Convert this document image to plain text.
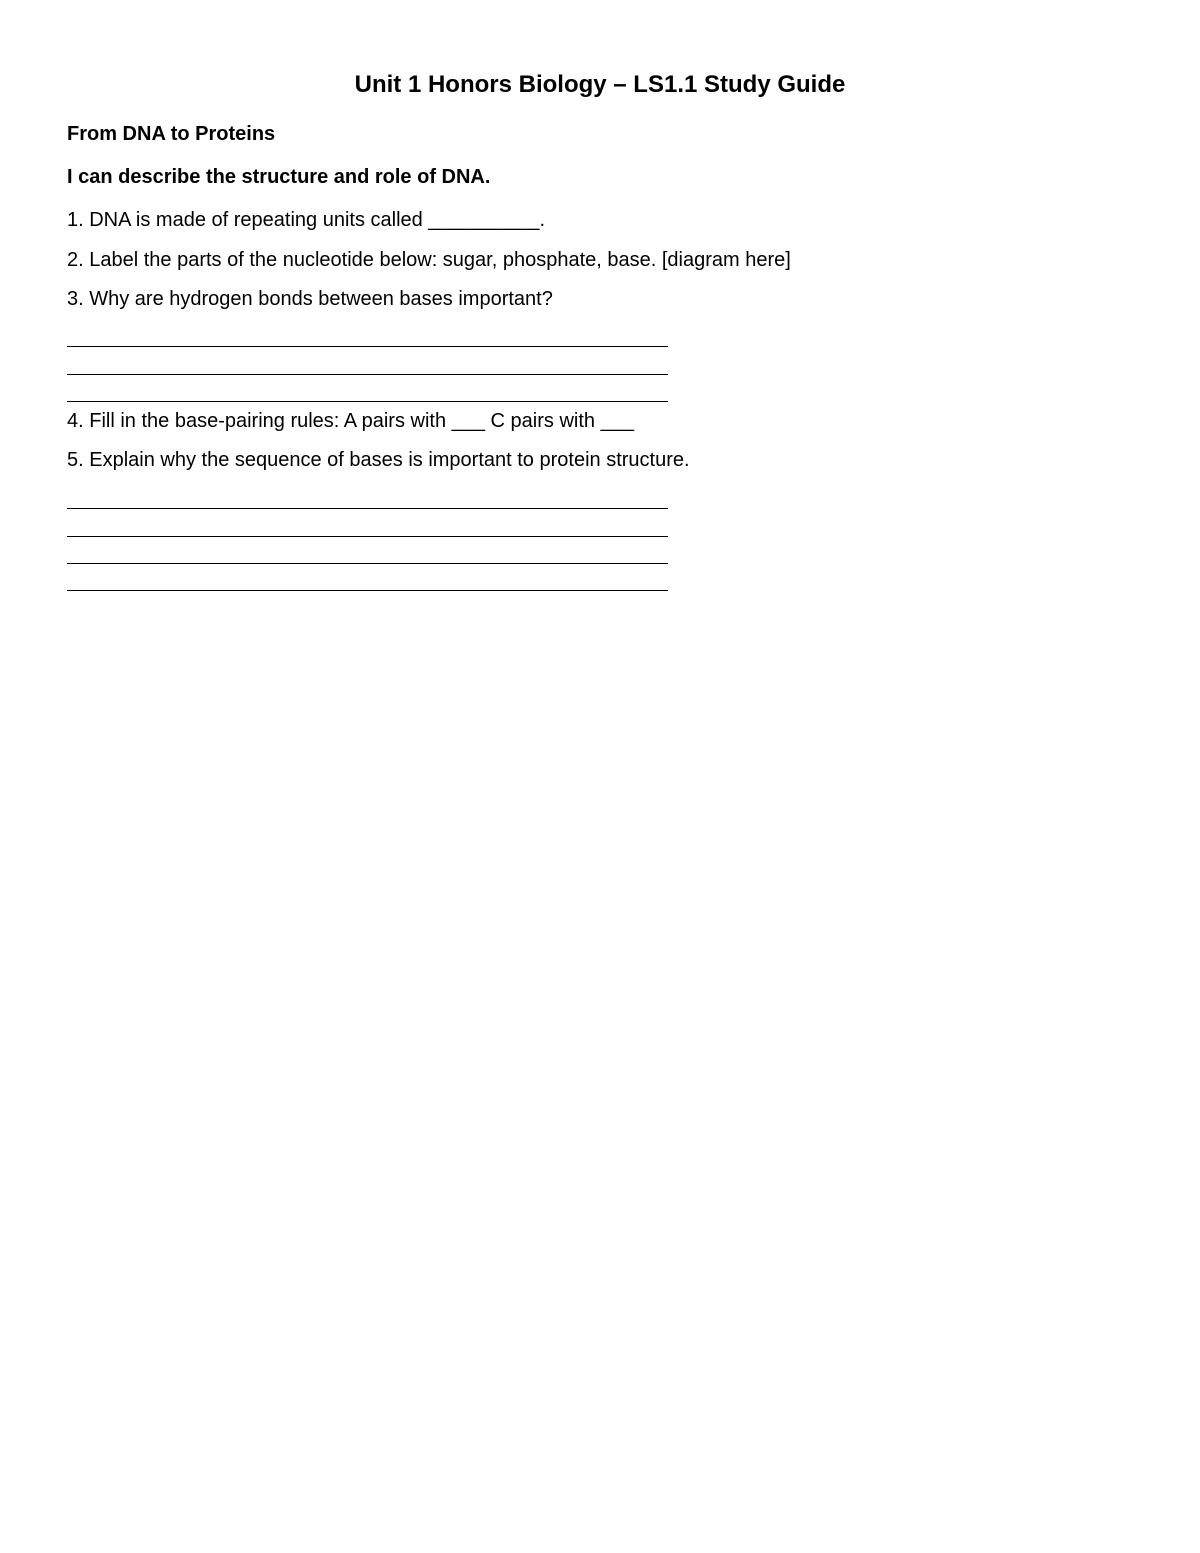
Unit 1 Honors Biology – LS1.1 Study Guide
From DNA to Proteins
I can describe the structure and role of DNA.
1. DNA is made of repeating units called __________.
2. Label the parts of the nucleotide below: sugar, phosphate, base. [diagram here]
3. Why are hydrogen bonds between bases important?
4. Fill in the base-pairing rules: A pairs with ___ C pairs with ___
5. Explain why the sequence of bases is important to protein structure.
